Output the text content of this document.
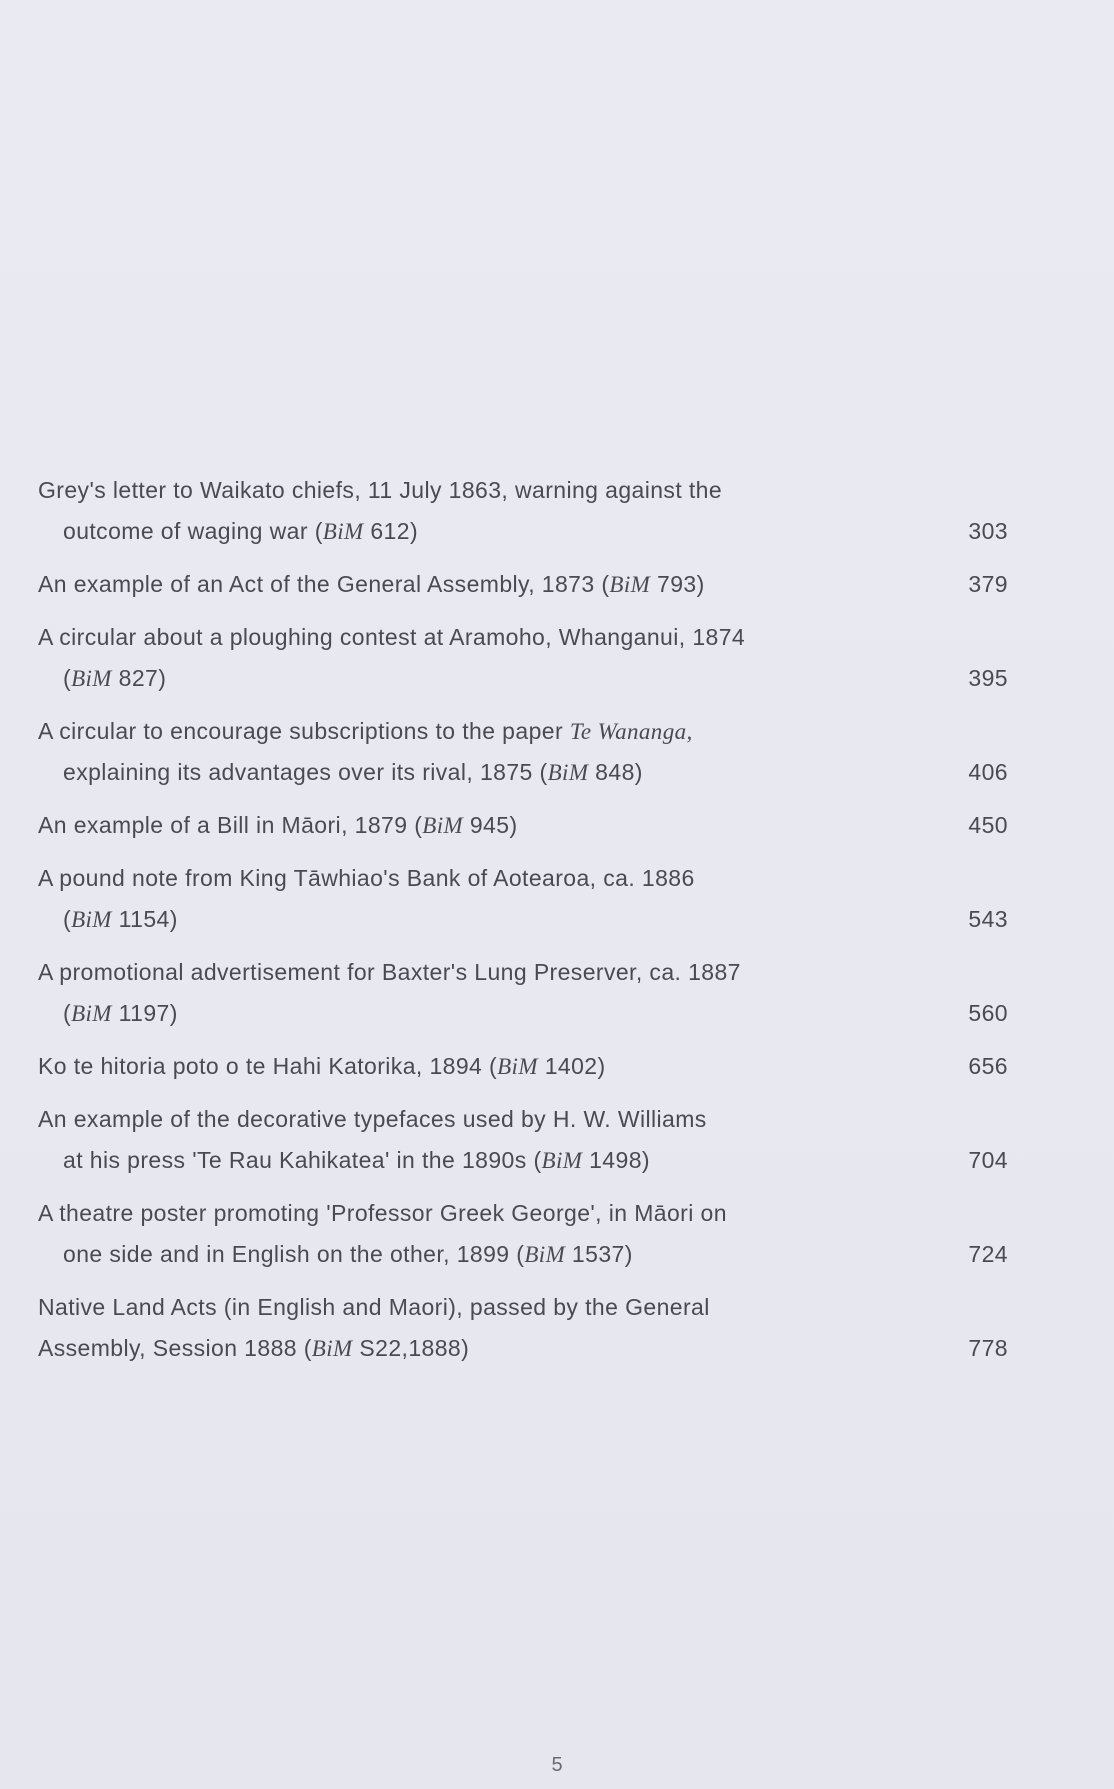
Grey's letter to Waikato chiefs, 11 July 1863, warning against the
outcome of waging war (BiM 612)	303
An example of an Act of the General Assembly, 1873 (BiM 793)	379
A circular about a ploughing contest at Aramoho, Whanganui, 1874
(BiM 827)	395
A circular to encourage subscriptions to the paper Te Wananga,
explaining its advantages over its rival, 1875 (BiM 848)	406
An example of a Bill in Māori, 1879 (BiM 945)	450
A pound note from King Tāwhiao's Bank of Aotearoa, ca. 1886
(BiM 1154)	543
A promotional advertisement for Baxter's Lung Preserver, ca. 1887
(BiM 1197)	560
Ko te hitoria poto o te Hahi Katorika, 1894 (BiM 1402)	656
An example of the decorative typefaces used by H. W. Williams
at his press 'Te Rau Kahikatea' in the 1890s (BiM 1498)	704
A theatre poster promoting 'Professor Greek George', in Māori on
one side and in English on the other, 1899 (BiM 1537)	724
Native Land Acts (in English and Maori), passed by the General
Assembly, Session 1888 (BiM S22,1888)	778
5
